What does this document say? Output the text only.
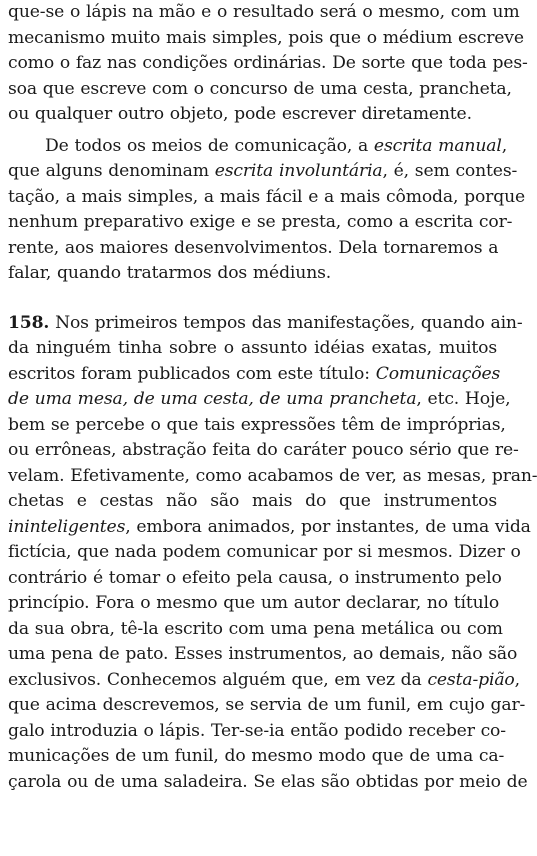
que-se o lápis na mão e o resultado será o mesmo, com um
mecanismo muito mais simples, pois que o médium escreve
como o faz nas condições ordinárias. De sorte que toda pes-
soa que escreve com o concurso de uma cesta, prancheta,
ou qualquer outro objeto, pode escrever diretamente.
De todos os meios de comunicação, a escrita manual,
que alguns denominam escrita involuntária, é, sem contes-
tação, a mais simples, a mais fácil e a mais cômoda, porque
nenhum preparativo exige e se presta, como a escrita cor-
rente, aos maiores desenvolvimentos. Dela tornaremos a
falar, quando tratarmos dos médiuns.
158. Nos primeiros tempos das manifestações, quando ain-
da ninguém tinha sobre o assunto idéias exatas, muitos
escritos foram publicados com este título: Comunicações
de uma mesa, de uma cesta, de uma prancheta, etc. Hoje,
bem se percebe o que tais expressões têm de impróprias,
ou errôneas, abstração feita do caráter pouco sério que re-
velam. Efetivamente, como acabamos de ver, as mesas, pran-
chetas e cestas não são mais do que instrumentos
ininteligentes, embora animados, por instantes, de uma vida
fictícia, que nada podem comunicar por si mesmos. Dizer o
contrário é tomar o efeito pela causa, o instrumento pelo
princípio. Fora o mesmo que um autor declarar, no título
da sua obra, tê-la escrito com uma pena metálica ou com
uma pena de pato. Esses instrumentos, ao demais, não são
exclusivos. Conhecemos alguém que, em vez da cesta-pião,
que acima descrevemos, se servia de um funil, em cujo gar-
galo introduzia o lápis. Ter-se-ia então podido receber co-
municações de um funil, do mesmo modo que de uma ca-
çarola ou de uma saladeira. Se elas são obtidas por meio de
